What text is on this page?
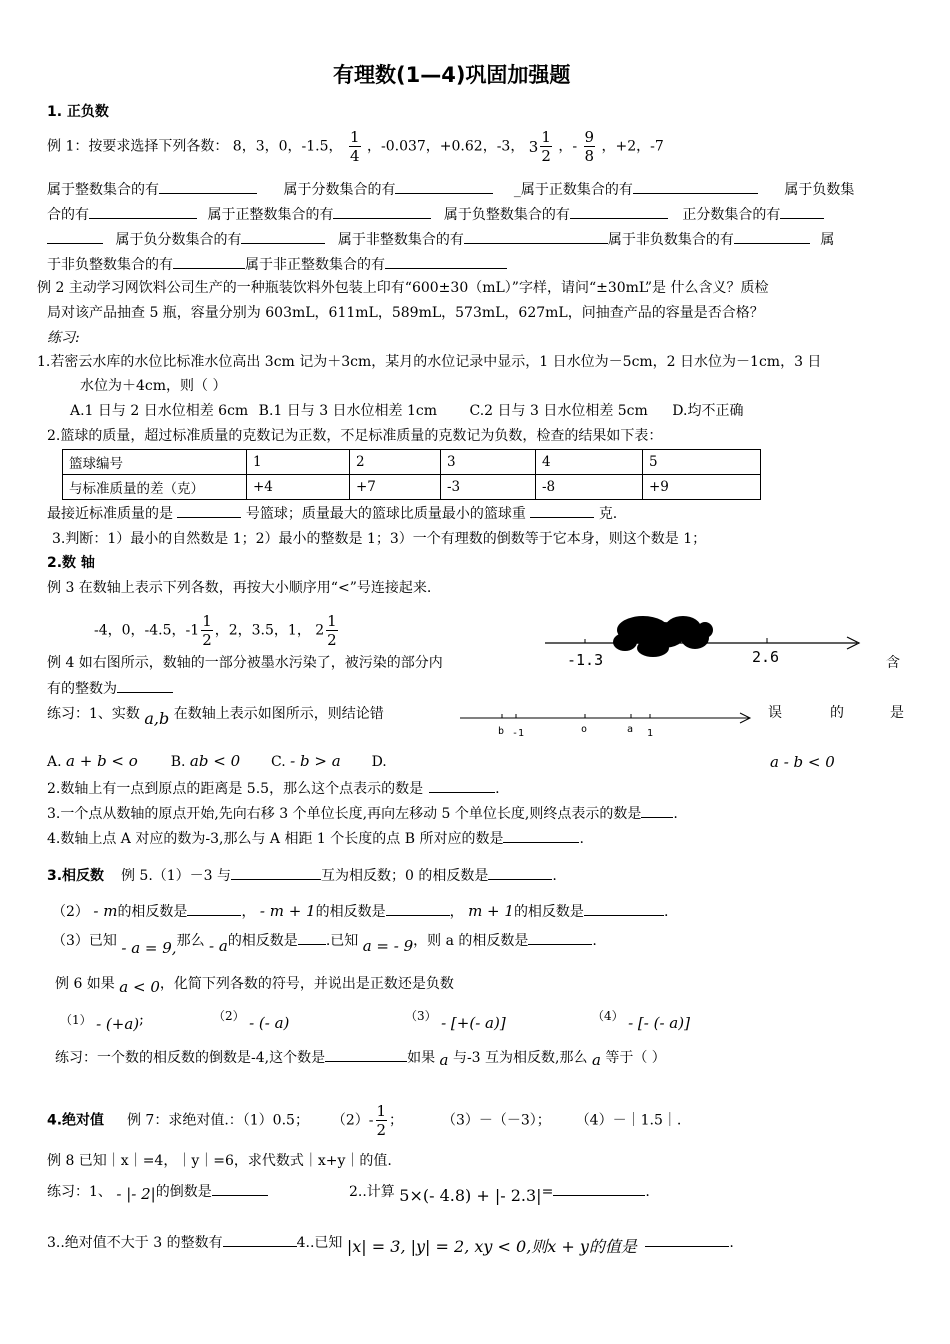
有理数(1—4)巩固加强题
1. 正负数
例 1：按要求选择下列各数： 8，3，0，-1.5， $\frac{1}{4}$ ，-0.037，+0.62，-3， $3 \frac{1}{2}$ ，- $\frac{9}{8}$ ，+2，-7
属于整数集合的有	属于分数集合的有	_属于正数集合的有	属于负数集
合的有	属于正整数集合的有	属于负整数集合的有	正分数集合的有
属于负分数集合的有	属于非整数集合的有	属于非负数集合的有	属
于非负整数集合的有	属于非正整数集合的有
例 2 主动学习网饮料公司生产的一种瓶装饮料外包装上印有“600±30（mL）”字样，请问“±30mL”是 什么含义？质检
局对该产品抽查 5 瓶，容量分别为 603mL，611mL，589mL，573mL，627mL，问抽查产品的容量是否合格？
练习:
1.若密云水库的水位比标准水位高出 3cm 记为＋3cm，某月的水位记录中显示，1 日水位为－5cm，2 日水位为－1cm，3 日
水位为＋4cm，则（ ）
A.1 日与 2 日水位相差 6cm B.1 日与 3 日水位相差 1cm C.2 日与 3 日水位相差 5cm D.均不正确
2.篮球的质量，超过标准质量的克数记为正数，不足标准质量的克数记为负数，检查的结果如下表：
篮球编号	1	2	3	4	5
与标准质量的差（克）	+4	+7	-3	-8	+9
最接近标准质量的是	号篮球；质量最大的篮球比质量最小的篮球重	克.
3.判断：1）最小的自然数是 1；2）最小的整数是 1；3）一个有理数的倒数等于它本身，则这个数是 1；
2.数 轴
例 3 在数轴上表示下列各数，再按大小顺序用“<”号连接起来.
-4，0，-4.5，$-1 \frac{1}{2}$ ，2，3.5，1， $2 \frac{1}{2}$
-1.3	2.6
例 4 如右图所示，数轴的一部分被墨水污染了，被污染的部分内	含
有的整数为
练习：1、实数 a,b 在数轴上表示如图所示，则结论错	误	的	是
b -1	o	a 1
A. a + b < o B. ab < 0 C. - b > a D.	a - b < 0
2.数轴上有一点到原点的距离是 5.5，那么这个点表示的数是	.
3.一个点从数轴的原点开始,先向右移 3 个单位长度,再向左移动 5 个单位长度,则终点表示的数是 .
4.数轴上点 A 对应的数为-3,那么与 A 相距 1 个长度的点 B 所对应的数是	.
3.相反数 例 5.（1）－3 与	互为相反数；0 的相反数是	.
（2） - m的相反数是	， - m + 1的相反数是	， m + 1的相反数是	.
（3）已知 - a = 9,那么 - a的相反数是 .已知 a = - 9，则 a 的相反数是	.
例 6 如果 a < 0，化简下列各数的符号，并说出是正数还是负数
（1） - (+a);	（2） - (- a)	（3） - [+(- a)]	（4） - [- (- a)]
练习：一个数的相反数的倒数是-4,这个数是	如果 a 与-3 互为相反数,那么 a 等于（ ）
4.绝对值 例 7：求绝对值.：（1）0.5； $(2)- \frac{1}{2}$ ；	（3）－（－3）； （4）－｜1.5｜.
例 8 已知｜x｜=4，｜y｜=6，求代数式｜x+y｜的值.
练习：1、 - |- 2|的倒数是	2..计算 5×(- 4.8) + |- 2.3|=	.
3..绝对值不大于 3 的整数有	4..已知 |x| = 3, |y| = 2, xy < 0,则x + y的值是	.
